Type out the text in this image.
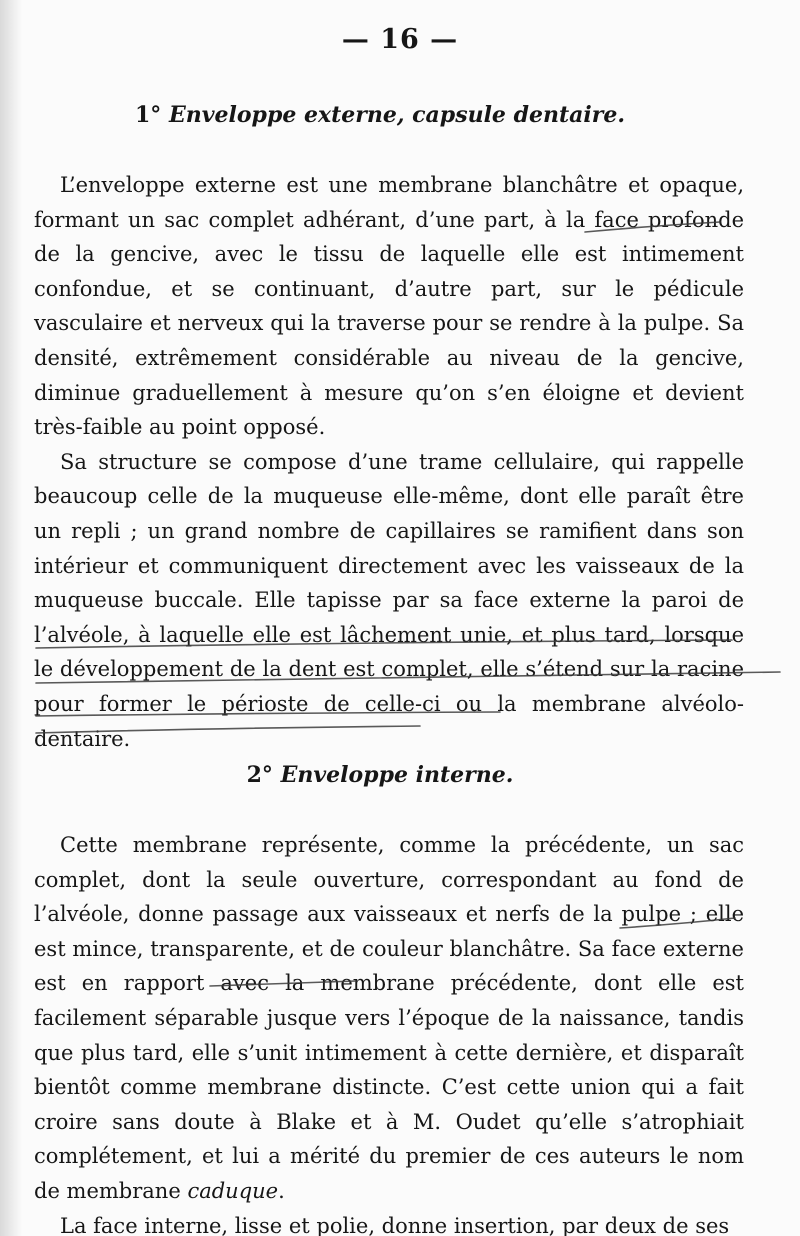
— 16 —
1° Enveloppe externe, capsule dentaire.

L’enveloppe externe est une membrane blanchâtre et opaque, formant un sac complet adhérant, d’une part, à la face profonde de la gencive, avec le tissu de laquelle elle est intimement confondue, et se continuant, d’autre part, sur le pédicule vasculaire et nerveux qui la traverse pour se rendre à la pulpe. Sa densité, extrêmement considérable au niveau de la gencive, diminue graduellement à mesure qu’on s’en éloigne et devient très-faible au point opposé.

Sa structure se compose d’une trame cellulaire, qui rappelle beaucoup celle de la muqueuse elle-même, dont elle paraît être un repli ; un grand nombre de capillaires se ramifient dans son intérieur et communiquent directement avec les vaisseaux de la muqueuse buccale. Elle tapisse par sa face externe la paroi de l’alvéole, à laquelle elle est lâchement unie, et plus tard, lorsque le développement de la dent est complet, elle s’étend sur la racine pour former le périoste de celle-ci ou la membrane alvéolo-dentaire.

2° Enveloppe interne.

Cette membrane représente, comme la précédente, un sac complet, dont la seule ouverture, correspondant au fond de l’alvéole, donne passage aux vaisseaux et nerfs de la pulpe ; elle est mince, transparente, et de couleur blanchâtre. Sa face externe est en rapport avec la membrane précédente, dont elle est facilement séparable jusque vers l’époque de la naissance, tandis que plus tard, elle s’unit intimement à cette dernière, et disparaît bientôt comme membrane distincte. C’est cette union qui a fait croire sans doute à Blake et à M. Oudet qu’elle s’atrophiait complétement, et lui a mérité du premier de ces auteurs le nom de membrane caduque.

La face interne, lisse et polie, donne insertion, par deux de ses
